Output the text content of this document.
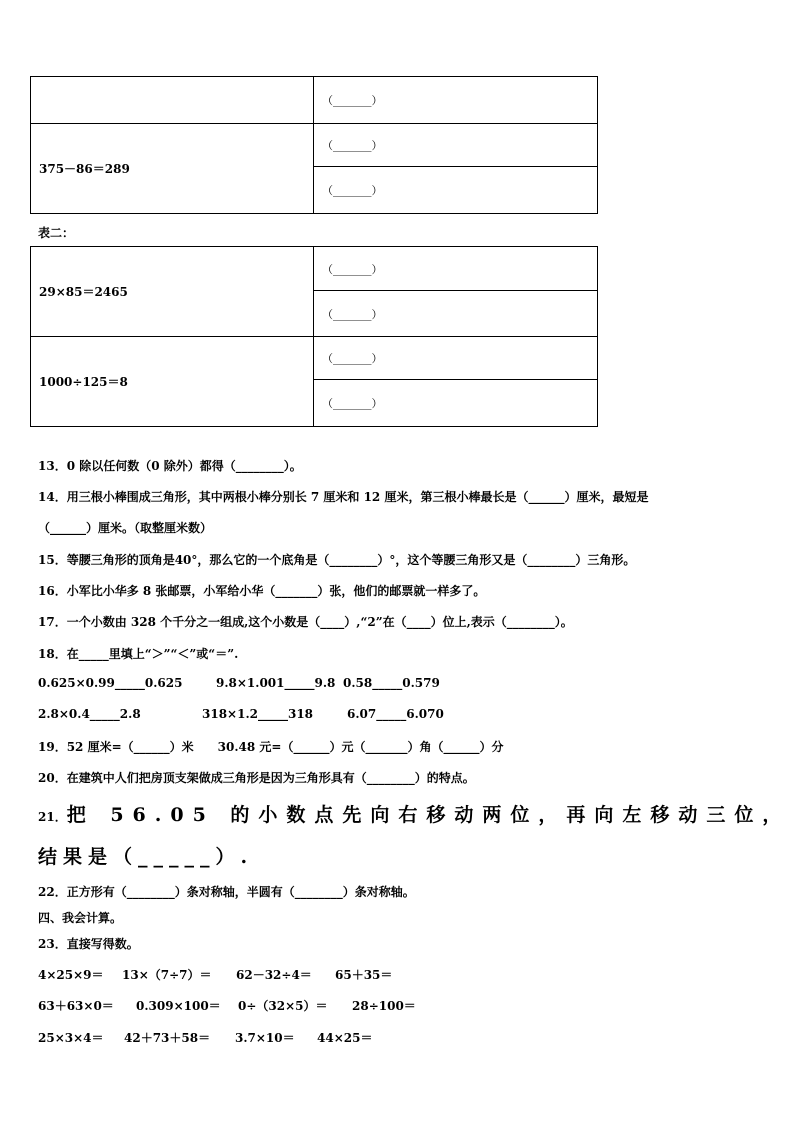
	（_______）
375－86＝289	（_______）
	（_______）
表二：
29×85＝2465	（_______）
	（_______）
1000÷125＝8	（_______）
	（_______）
13．0 除以任何数（0 除外）都得（________）。
14．用三根小棒围成三角形，其中两根小棒分别长 7 厘米和 12 厘米，第三根小棒最长是（______）厘米，最短是
（______）厘米。（取整厘米数）
15．等腰三角形的顶角是40°，那么它的一个底角是（________）°，这个等腰三角形又是（________）三角形。
16．小军比小华多 8 张邮票，小军给小华（_______）张，他们的邮票就一样多了。
17．一个小数由 328 个千分之一组成,这个小数是（____）,“2”在（____）位上,表示（________）。
18．在_____里填上“＞”“＜”或“＝”.
0.625×0.99_____0.625	9.8×1.001_____9.8 0.58_____0.579
2.8×0.4_____2.8	318×1.2_____318	6.07_____6.070
19．52 厘米=（______）米　　30.48 元=（______）元（_______）角（______）分
20．在建筑中人们把房顶支架做成三角形是因为三角形具有（________）的特点。
21．把 56.05 的小数点先向右移动两位，再向左移动三位，
结果是（_____）.
22．正方形有（________）条对称轴，半圆有（________）条对称轴。
四、我会计算。
23．直接写得数。
4×25×9＝ 13×（7÷7）＝ 62－32÷4＝ 65＋35＝
63＋63×0＝ 0.309×100＝ 0÷（32×5）＝ 28÷100＝
25×3×4＝ 42＋73＋58＝ 3.7×10＝ 44×25＝
